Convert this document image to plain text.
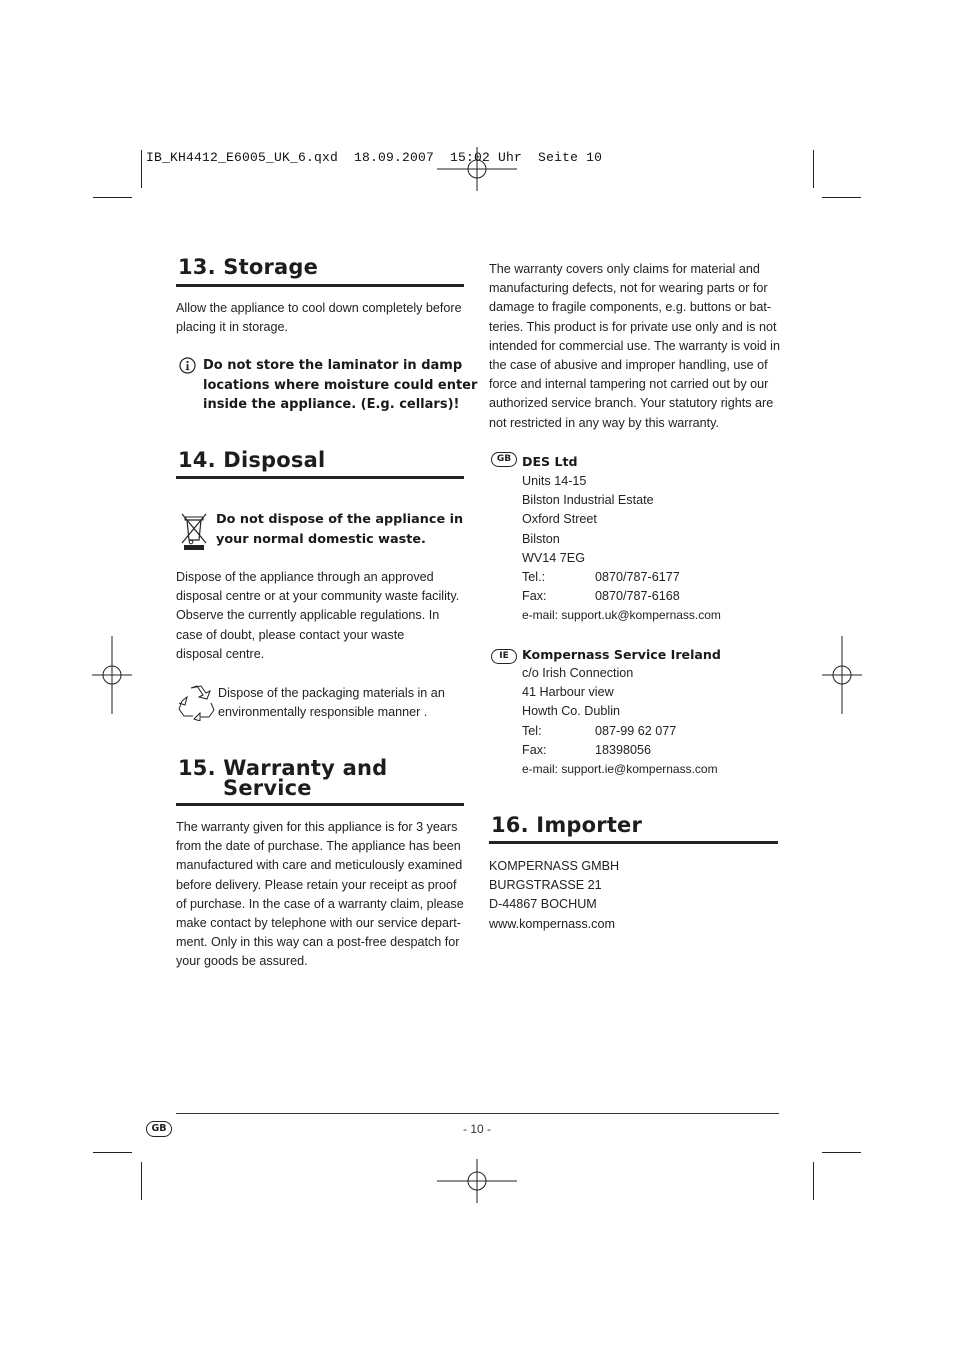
IB_KH4412_E6005_UK_6.qxd  18.09.2007  15:02 Uhr  Seite 10
13. Storage
Allow the appliance to cool down completely before
placing it in storage.
Do not store the laminator in damp
locations where moisture could enter
inside the appliance. (E.g. cellars)!
14. Disposal
Do not dispose of the appliance in
your normal domestic waste.
Dispose of the appliance through an approved
disposal centre or at your community waste facility.
Observe the currently applicable regulations. In
case of doubt, please contact your waste
disposal centre.
Dispose of the packaging materials in an
environmentally responsible manner .
15. Warranty and
Service
The warranty given for this appliance is for 3 years
from the date of purchase. The appliance has been
manufactured with care and meticulously examined
before delivery. Please retain your receipt as proof
of purchase. In the case of a warranty claim, please
make contact by telephone with our service depart-
ment. Only in this way can a post-free despatch for
your goods be assured.
The warranty covers only claims for material and
manufacturing defects, not for wearing parts or for
damage to fragile components, e.g. buttons or bat-
teries. This product is for private use only and is not
intended for commercial use. The warranty is void in
the case of abusive and improper handling, use of
force and internal tampering not carried out by our
authorized service branch. Your statutory rights are
not restricted in any way by this warranty.
GB DES Ltd
Units 14-15
Bilston Industrial Estate
Oxford Street
Bilston
WV14 7EG
Tel.:	0870/787-6177
Fax:	0870/787-6168
e-mail: support.uk@kompernass.com
IE	Kompernass Service Ireland
c/o Irish Connection
41 Harbour view
Howth Co. Dublin
Tel:	087-99 62 077
Fax:	18398056
e-mail: support.ie@kompernass.com
16. Importer
KOMPERNASS GMBH
BURGSTRASSE 21
D-44867 BOCHUM
www.kompernass.com
GB	- 10 -
